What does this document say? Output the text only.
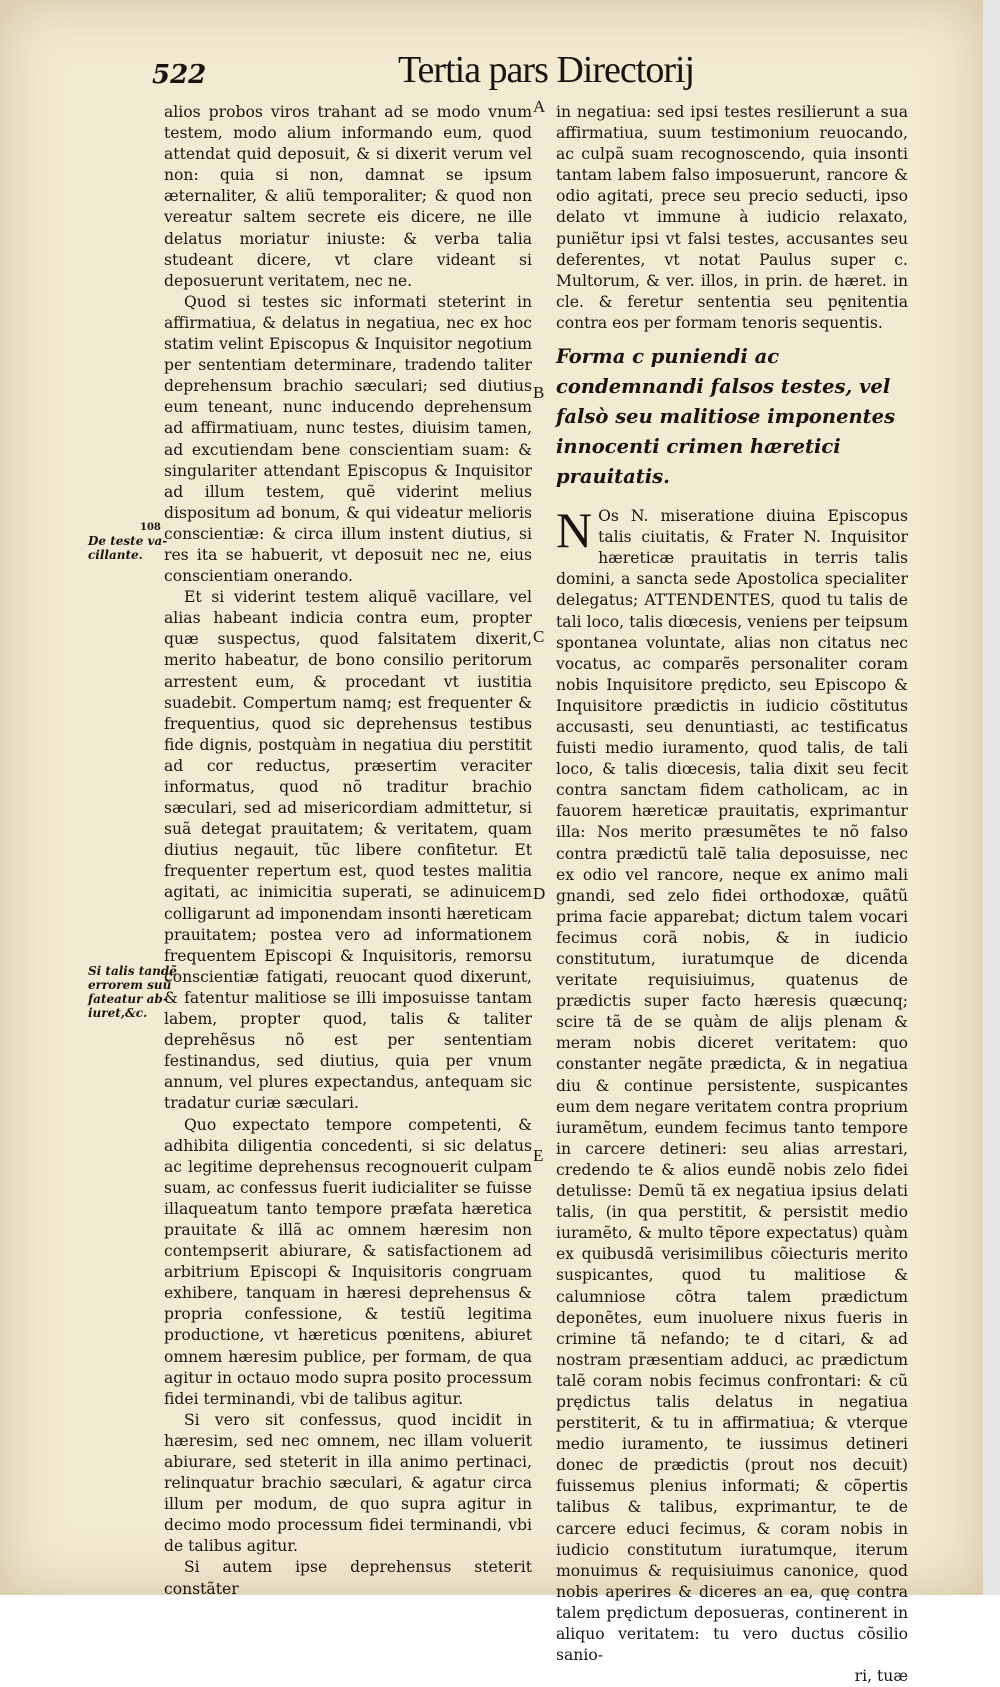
522	Tertia pars Directorij
108
De teste va-
cillante.
Si talis tandẽ
errorem suũ
fateatur ab-
iuret,&c.

alios probos viros trahant ad se modo vnum testem, modo alium informando eum, quod attendat quid deposuit, & si dixerit verum vel non: quia si non, damnat se ipsum æternaliter, & aliũ temporaliter; & quod non vereatur saltem secrete eis dicere, ne ille delatus moriatur iniuste: & verba talia studeant dicere, vt clare videant si deposuerunt veritatem, nec ne.

Quod si testes sic informati steterint in affirmatiua, & delatus in negatiua, nec ex hoc statim velint Episcopus & Inquisitor negotium per sententiam determinare, tradendo taliter deprehensum brachio sæculari; sed diutius eum teneant, nunc inducendo deprehensum ad affirmatiuam, nunc testes, diuisim tamen, ad excutiendam bene conscientiam suam: & singulariter attendant Episcopus & Inquisitor ad illum testem, quẽ viderint melius dispositum ad bonum, & qui videatur melioris conscientiæ: & circa illum instent diutius, si res ita se habuerit, vt deposuit nec ne, eius conscientiam onerando.

Et si viderint testem aliquẽ vacillare, vel alias habeant indicia contra eum, propter quæ suspectus, quod falsitatem dixerit, merito habeatur, de bono consilio peritorum arrestent eum, & procedant vt iustitia suadebit. Compertum namq; est frequenter & frequentius, quod sic deprehensus testibus fide dignis, postquàm in negatiua diu perstitit ad cor reductus, præsertim veraciter informatus, quod nõ traditur brachio sæculari, sed ad misericordiam admittetur, si suã detegat prauitatem; & veritatem, quam diutius negauit, tũc libere confitetur. Et frequenter repertum est, quod testes malitia agitati, ac inimicitia superati, se adinuicem colligarunt ad imponendam insonti hæreticam prauitatem; postea vero ad informationem frequentem Episcopi & Inquisitoris, remorsu conscientiæ fatigati, reuocant quod dixerunt, & fatentur malitiose se illi imposuisse tantam labem, propter quod, talis & taliter deprehẽsus nõ est per sententiam festinandus, sed diutius, quia per vnum annum, vel plures expectandus, antequam sic tradatur curiæ sæculari.

Quo expectato tempore competenti, & adhibita diligentia concedenti, si sic delatus ac legitime deprehensus recognouerit culpam suam, ac confessus fuerit iudicialiter se fuisse illaqueatum tanto tempore præfata hæretica prauitate & illã ac omnem hæresim non contempserit abiurare, & satisfactionem ad arbitrium Episcopi & Inquisitoris congruam exhibere, tanquam in hæresi deprehensus & propria confessione, & testiũ legitima productione, vt hæreticus pœnitens, abiuret omnem hæresim publice, per formam, de qua agitur in octauo modo supra posito processum fidei terminandi, vbi de talibus agitur.

Si vero sit confessus, quod incidit in hæresim, sed nec omnem, nec illam voluerit abiurare, sed steterit in illa animo pertinaci, relinquatur brachio sæculari, & agatur circa illum per modum, de quo supra agitur in decimo modo processum fidei terminandi, vbi de talibus agitur.

Si autem ipse deprehensus steterit constãter

A
B
C
D
E

in negatiua: sed ipsi testes resilierunt a sua affirmatiua, suum testimonium reuocando, ac culpã suam recognoscendo, quia insonti tantam labem falso imposuerunt, rancore & odio agitati, prece seu precio seducti, ipso delato vt immune à iudicio relaxato, puniẽtur ipsi vt falsi testes, accusantes seu deferentes, vt notat Paulus super c. Multorum, & ver. illos, in prin. de hæret. in cle. & feretur sententia seu pęnitentia contra eos per formam tenoris sequentis.

Forma c puniendi ac condemnandi falsos testes, vel falsò seu malitiose imponentes innocenti crimen hæretici prauitatis.

N Os N. miseratione diuina Episcopus talis ciuitatis, & Frater N. Inquisitor hæreticæ prauitatis in terris talis domini, a sancta sede Apostolica specialiter delegatus; ATTENDENTES, quod tu talis de tali loco, talis diœcesis, veniens per teipsum spontanea voluntate, alias non citatus nec vocatus, ac comparẽs personaliter coram nobis Inquisitore prędicto, seu Episcopo & Inquisitore prædictis in iudicio cõstitutus accusasti, seu denuntiasti, ac testificatus fuisti medio iuramento, quod talis, de tali loco, & talis diœcesis, talia dixit seu fecit contra sanctam fidem catholicam, ac in fauorem hæreticæ prauitatis, exprimantur illa: Nos merito præsumẽtes te nõ falso contra prædictũ talẽ talia deposuisse, nec ex odio vel rancore, neque ex animo mali gnandi, sed zelo fidei orthodoxæ, quãtũ prima facie apparebat; dictum talem vocari fecimus corã nobis, & in iudicio constitutum, iuratumque de dicenda veritate requisiuimus, quatenus de prædictis super facto hæresis quæcunq; scire tã de se quàm de alijs plenam & meram nobis diceret veritatem: quo constanter negãte prædicta, & in negatiua diu & continue persistente, suspicantes eum dem negare veritatem contra proprium iuramẽtum, eundem fecimus tanto tempore in carcere detineri: seu alias arrestari, credendo te & alios eundẽ nobis zelo fidei detulisse: Demũ tã ex negatiua ipsius delati talis, (in qua perstitit, & persistit medio iuramẽto, & multo tẽpore expectatus) quàm ex quibusdã verisimilibus cõiecturis merito suspicantes, quod tu malitiose & calumniose cõtra talem prædictum deponẽtes, eum inuoluere nixus fueris in crimine tã nefando; te d citari, & ad nostram præsentiam adduci, ac prædictum talẽ coram nobis fecimus confrontari: & cũ prędictus talis delatus in negatiua perstiterit, & tu in affirmatiua; & vterque medio iuramento, te iussimus detineri donec de prædictis (prout nos decuit) fuissemus plenius informati; & cõpertis talibus & talibus, exprimantur, te de carcere educi fecimus, & coram nobis in iudicio constitutum iuratumque, iterum monuimus & requisiuimus canonice, quod nobis aperires & diceres an ea, quę contra talem prędictum deposueras, continerent in aliquo veritatem: tu vero ductus cõsilio sanio-

ri, tuæ
